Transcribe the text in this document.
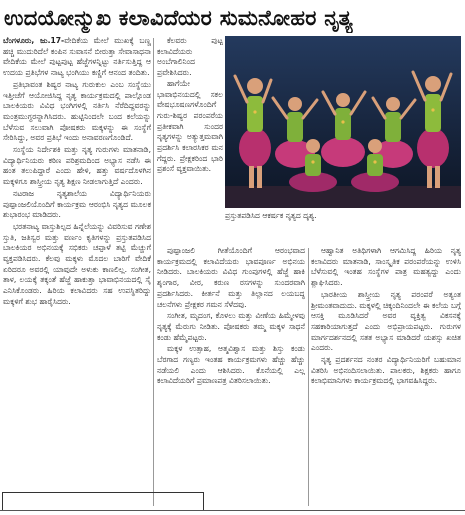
ಉದಯೋನ್ಮುಖ ಕಲಾವಿದೆಯರ ಸುಮನೋಹರ ನೃತ್ಯ

ಬೆಂಗಳೂರು, ಜು.17-ವೇದಿಕೆಯ ಮೇಲೆ ಮುಖಕ್ಕೆ ಬಣ್ಣ ಹಚ್ಚಿ ಮುದುರಿದೆಲೆ ಕಂಪಿನ ಸುವಾಸನೆ ಬೀರುತ್ತಾ ಸೇವಾಸಾಧನಾ ವೇದಿಕೆಯ ಮೇಲೆ ಪುಟ್ಟಪುಟ್ಟ ಹೆಜ್ಜೆಗಳನ್ನಿಟ್ಟು ನರ್ತಿಸುತ್ತಿದ್ದ ಆ ಉದಯ ಪ್ರತಿಭೆಗಳ ನಾಟ್ಯ ಭಂಗಿಯು ಕಣ್ಣಿಗೆ ಆನಂದ ತಂದಿತು.

ಪ್ರತಿಭಾವಂತ ಶಿಷ್ಯರ ನಾಟ್ಯ ಗುರುಕುಲ ಎಂಬ ಸಂಸ್ಥೆಯು ಇತ್ತೀಚೆಗೆ ಆಯೋಜಿಸಿದ್ದ ನೃತ್ಯ ಕಾರ್ಯಕ್ರಮದಲ್ಲಿ ಪಾಲ್ಗೊಂಡ ಬಾಲಕಿಯರು ವಿವಿಧ ಭಂಗಿಗಳಲ್ಲಿ ನರ್ತಿಸಿ ನೆರೆದಿದ್ದವರನ್ನು ಮಂತ್ರಮುಗ್ಧರನ್ನಾಗಿಸಿದರು. ಹುಟ್ಟಿನಿಂದಲೇ ಬಂದ ಕಲೆಯನ್ನು ಬೆಳೆಸುವ ಸಲುವಾಗಿ ಪೋಷಕರು ಮಕ್ಕಳನ್ನು ಈ ಸಂಸ್ಥೆಗೆ ಸೇರಿಸಿದ್ದು, ಅವರ ಪ್ರತಿಭೆ ಇಂದು ಅನಾವರಣಗೊಂಡಿದೆ.

ಸಂಸ್ಥೆಯ ನಿರ್ದೇಶಕಿ ಮತ್ತು ನೃತ್ಯ ಗುರುಗಳು ಮಾತನಾಡಿ, ವಿದ್ಯಾರ್ಥಿನಿಯರು ಕಠಿಣ ಪರಿಶ್ರಮದಿಂದ ಅಭ್ಯಾಸ ನಡೆಸಿ ಈ ಹಂತ ತಲುಪಿದ್ದಾರೆ ಎಂದು ಹೇಳಿ, ಹತ್ತು ವರ್ಷದೊಳಗಿನ ಮಕ್ಕಳಿಗೂ ಶಾಸ್ತ್ರೀಯ ನೃತ್ಯ ಶಿಕ್ಷಣ ನೀಡಲಾಗುತ್ತಿದೆ ಎಂದರು.

ನಟರಾಜ ನೃತ್ಯಶಾಲೆಯ ವಿದ್ಯಾರ್ಥಿನಿಯರು ಪುಷ್ಪಾಂಜಲಿಯೊಂದಿಗೆ ಕಾರ್ಯಕ್ರಮ ಆರಂಭಿಸಿ ನೃತ್ಯದ ಮೂಲಕ ಶುಭಾರಂಭ ಮಾಡಿದರು.

ಭರತನಾಟ್ಯ ವಾಸ್ತುಶಿಲ್ಪದ ಹಿನ್ನೆಲೆಯನ್ನು ವಿವರಿಸುವ ಗಣೇಶ ಸ್ತುತಿ, ಜತಿಸ್ವರ ಮತ್ತು ವರ್ಣಂ ಕೃತಿಗಳನ್ನು ಪ್ರಸ್ತುತಪಡಿಸಿದ ಬಾಲಕಿಯರ ಅಭಿನಯಕ್ಕೆ ಸಭಿಕರು ಚಪ್ಪಾಳೆ ತಟ್ಟಿ ಮೆಚ್ಚುಗೆ ವ್ಯಕ್ತಪಡಿಸಿದರು. ಕೆಲವು ಮಕ್ಕಳು ಮೊದಲ ಬಾರಿಗೆ ವೇದಿಕೆ ಏರಿದರೂ ಅವರಲ್ಲಿ ಯಾವುದೇ ಅಳುಕು ಕಾಣಲಿಲ್ಲ. ಸಂಗೀತ, ತಾಳ, ಲಯಕ್ಕೆ ತಕ್ಕಂತೆ ಹೆಜ್ಜೆ ಹಾಕುತ್ತಾ ಭಾವಾಭಿನಯದಲ್ಲಿ ಸೈ ಎನಿಸಿಕೊಂಡರು. ಹಿರಿಯ ಕಲಾವಿದರು ಸಹ ಉಪಸ್ಥಿತರಿದ್ದು ಮಕ್ಕಳಿಗೆ ಶುಭ ಹಾರೈಸಿದರು.

ಕೆಲವರು ಪುಟ್ಟ ಕಲಾವಿದೆಯರು ಅಂಬೆಗಾಲಿನಿಂದ ಪ್ರವೇಶಿಸಿದರು.

ಹಾಗೆಯೇ ಭಾವಾಭಿನಯದಲ್ಲಿ ಸಕಲ ವೇಷಭೂಷಣಗಳೊಂದಿಗೆ ಗುರು-ಶಿಷ್ಯರ ಪರಂಪರೆಯ ಪ್ರತೀಕವಾಗಿ ಸುಂದರ ನೃತ್ಯಗಳನ್ನು ಅತ್ಯುತ್ತಮವಾಗಿ ಪ್ರದರ್ಶಿಸಿ ಕಲಾರಸಿಕರ ಮನ ಗೆದ್ದರು. ಪ್ರೇಕ್ಷಕರಿಂದ ಭಾರಿ ಪ್ರಶಂಸೆ ವ್ಯಕ್ತವಾಯಿತು.

ಪ್ರಸ್ತುತಪಡಿಸಿದ ಆಕರ್ಷಕ ನೃತ್ಯದ ದೃಶ್ಯ.

ಪುಷ್ಪಾಂಜಲಿ ಗೀತೆಯೊಂದಿಗೆ ಆರಂಭವಾದ ಕಾರ್ಯಕ್ರಮದಲ್ಲಿ ಕಲಾವಿದೆಯರು ಭಾವಪೂರ್ಣ ಅಭಿನಯ ನೀಡಿದರು. ಬಾಲಕಿಯರು ವಿವಿಧ ಗುಂಪುಗಳಲ್ಲಿ ಹೆಜ್ಜೆ ಹಾಕಿ ಶೃಂಗಾರ, ವೀರ, ಕರುಣ ರಸಗಳನ್ನು ಸುಂದರವಾಗಿ ಪ್ರದರ್ಶಿಸಿದರು. ಕೀರ್ತನೆ ಮತ್ತು ತಿಲ್ಲಾನದ ಲಯಬದ್ಧ ಚಲನೆಗಳು ಪ್ರೇಕ್ಷಕರ ಗಮನ ಸೆಳೆದವು.

ಸಂಗೀತ, ಮೃದಂಗ, ಕೊಳಲು ಮತ್ತು ವೀಣೆಯ ಹಿಮ್ಮೇಳವು ನೃತ್ಯಕ್ಕೆ ಮೆರುಗು ನೀಡಿತು. ಪೋಷಕರು ತಮ್ಮ ಮಕ್ಕಳ ಸಾಧನೆ ಕಂಡು ಹೆಮ್ಮೆಪಟ್ಟರು.

ಮಕ್ಕಳ ಉತ್ಸಾಹ, ಆತ್ಮವಿಶ್ವಾಸ ಮತ್ತು ಶಿಸ್ತು ಕಂಡು ಬೆರಗಾದ ಗಣ್ಯರು ಇಂತಹ ಕಾರ್ಯಕ್ರಮಗಳು ಹೆಚ್ಚು ಹೆಚ್ಚು ನಡೆಯಲಿ ಎಂದು ಆಶಿಸಿದರು. ಕೊನೆಯಲ್ಲಿ ಎಲ್ಲ ಕಲಾವಿದೆಯರಿಗೆ ಪ್ರಮಾಣಪತ್ರ ವಿತರಿಸಲಾಯಿತು.

ಆಹ್ವಾನಿತ ಅತಿಥಿಗಳಾಗಿ ಆಗಮಿಸಿದ್ದ ಹಿರಿಯ ನೃತ್ಯ ಕಲಾವಿದರು ಮಾತನಾಡಿ, ಸಾಂಸ್ಕೃತಿಕ ಪರಂಪರೆಯನ್ನು ಉಳಿಸಿ ಬೆಳೆಸುವಲ್ಲಿ ಇಂತಹ ಸಂಸ್ಥೆಗಳ ಪಾತ್ರ ಮಹತ್ವದ್ದು ಎಂದು ಶ್ಲಾಘಿಸಿದರು.

ಭಾರತೀಯ ಶಾಸ್ತ್ರೀಯ ನೃತ್ಯ ಪರಂಪರೆ ಅತ್ಯಂತ ಶ್ರೀಮಂತವಾದುದು. ಮಕ್ಕಳಲ್ಲಿ ಚಿಕ್ಕಂದಿನಿಂದಲೇ ಈ ಕಲೆಯ ಬಗ್ಗೆ ಆಸಕ್ತಿ ಮೂಡಿಸಿದರೆ ಅವರ ವ್ಯಕ್ತಿತ್ವ ವಿಕಸನಕ್ಕೆ ಸಹಕಾರಿಯಾಗುತ್ತದೆ ಎಂದು ಅಭಿಪ್ರಾಯಪಟ್ಟರು. ಗುರುಗಳ ಮಾರ್ಗದರ್ಶನದಲ್ಲಿ ಸತತ ಅಭ್ಯಾಸ ಮಾಡಿದರೆ ಯಶಸ್ಸು ಖಚಿತ ಎಂದರು.

ನೃತ್ಯ ಪ್ರದರ್ಶನದ ನಂತರ ವಿದ್ಯಾರ್ಥಿನಿಯರಿಗೆ ಬಹುಮಾನ ವಿತರಿಸಿ ಅಭಿನಂದಿಸಲಾಯಿತು. ಪಾಲಕರು, ಶಿಕ್ಷಕರು ಹಾಗೂ ಕಲಾಭಿಮಾನಿಗಳು ಕಾರ್ಯಕ್ರಮದಲ್ಲಿ ಭಾಗವಹಿಸಿದ್ದರು.
